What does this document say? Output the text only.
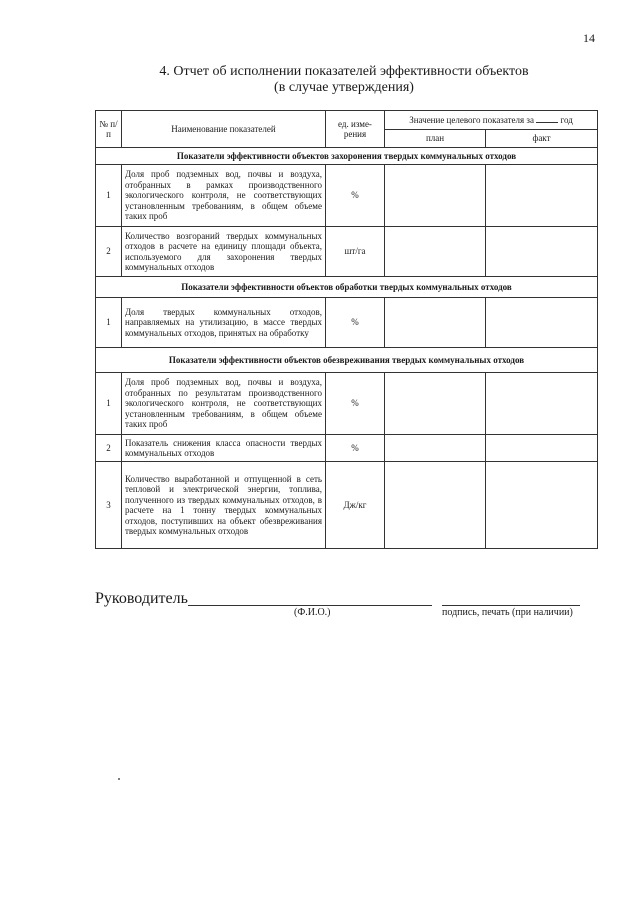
14
4. Отчет об исполнении показателей эффективности объектов
(в случае утверждения)
№ п/п	Наименование показателей	ед. изме-рения	Значение целевого показателя за год	
			план	факт
Показатели эффективности объектов захоронения твердых коммунальных отходов				
1	Доля проб подземных вод, почвы и воздуха, отобранных в рамках производственного экологического контроля, не соответствующих установленным требованиям, в общем объеме таких проб	%		
2	Количество возгораний твердых коммунальных отходов в расчете на единицу площади объекта, используемого для захоронения твердых коммунальных отходов	шт/га		
Показатели эффективности объектов обработки твердых коммунальных отходов				
1	Доля твердых коммунальных отходов, направляемых на утилизацию, в массе твердых коммунальных отходов, принятых на обработку	%		
Показатели эффективности объектов обезвреживания твердых коммунальных отходов				
1	Доля проб подземных вод, почвы и воздуха, отобранных по результатам производственного экологического контроля, не соответствующих установленным требованиям, в общем объеме таких проб	%		
2	Показатель снижения класса опасности твердых коммунальных отходов	%		
3	Количество выработанной и отпущенной в сеть тепловой и электрической энергии, топлива, полученного из твердых коммунальных отходов, в расчете на 1 тонну твердых коммунальных отходов, поступивших на объект обезвреживания твердых коммунальных отходов	Дж/кг		
Руководитель
(Ф.И.О.)	подпись, печать (при наличии)
